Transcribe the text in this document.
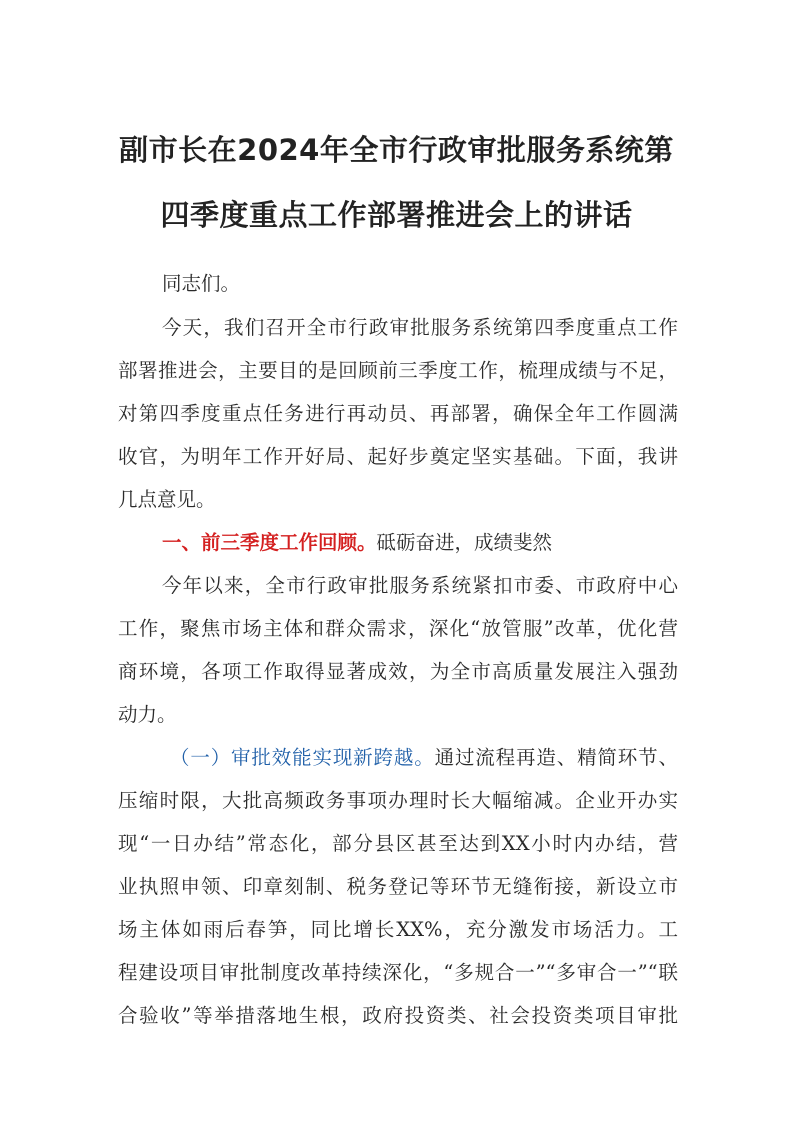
副市长在2024年全市行政审批服务系统第
四季度重点工作部署推进会上的讲话
同志们。
今天，我们召开全市行政审批服务系统第四季度重点工作
部署推进会，主要目的是回顾前三季度工作，梳理成绩与不足，
对第四季度重点任务进行再动员、再部署，确保全年工作圆满
收官，为明年工作开好局、起好步奠定坚实基础。下面，我讲
几点意见。
一、前三季度工作回顾。砥砺奋进，成绩斐然
今年以来，全市行政审批服务系统紧扣市委、市政府中心
工作，聚焦市场主体和群众需求，深化“放管服”改革，优化营
商环境，各项工作取得显著成效，为全市高质量发展注入强劲
动力。
（一）审批效能实现新跨越。通过流程再造、精简环节、
压缩时限，大批高频政务事项办理时长大幅缩减。企业开办实
现“一日办结”常态化，部分县区甚至达到XX小时内办结，营
业执照申领、印章刻制、税务登记等环节无缝衔接，新设立市
场主体如雨后春笋，同比增长XX%，充分激发市场活力。工
程建设项目审批制度改革持续深化，“多规合一”“多审合一”“联
合验收”等举措落地生根，政府投资类、社会投资类项目审批
